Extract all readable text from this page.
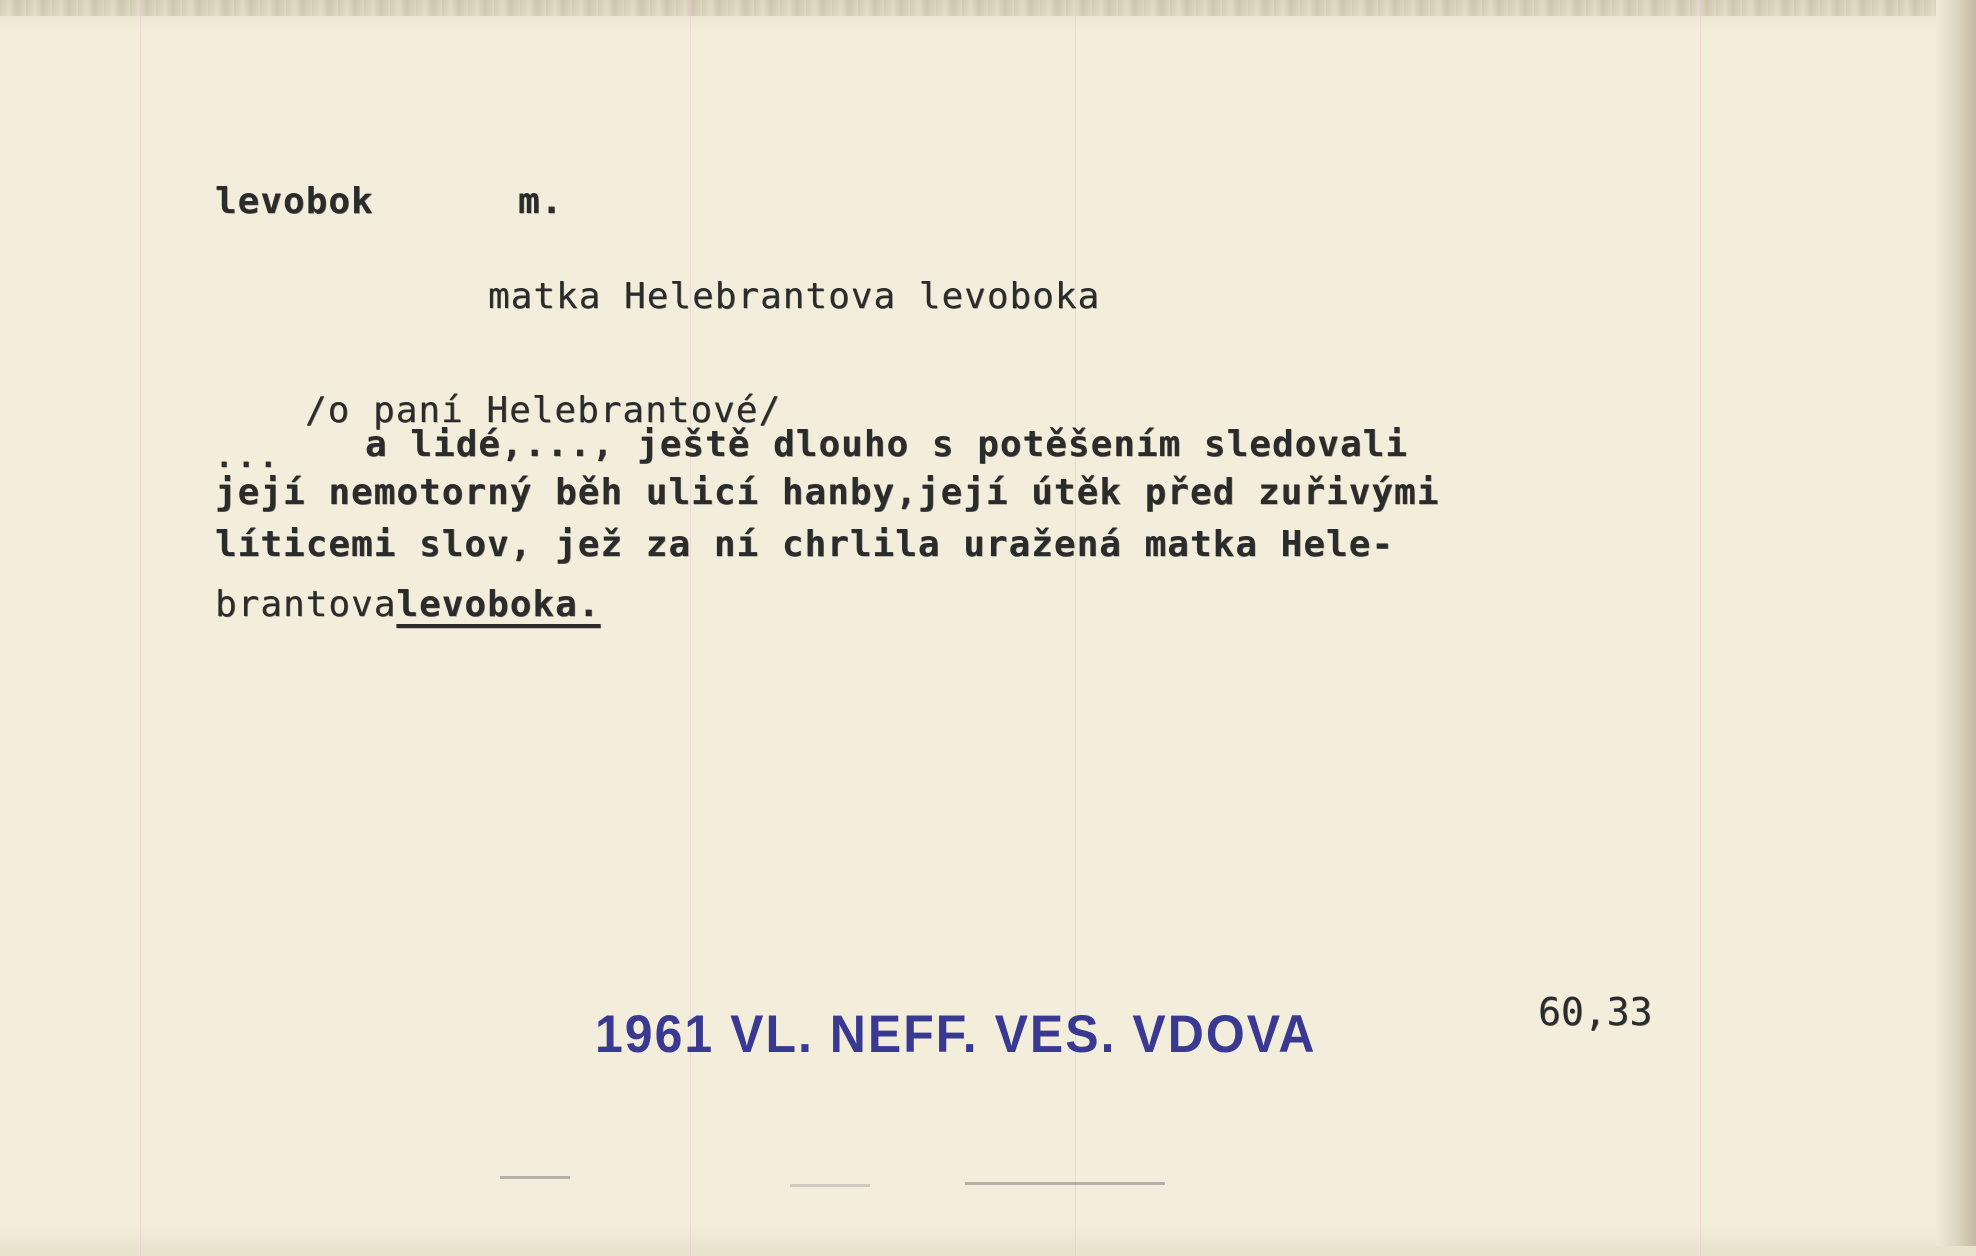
levobok	m.
matka Helebrantova levoboka
/o paní Helebrantové/
... a lidé,..., ještě dlouho s potěšením sledovali
její nemotorný běh ulicí hanby,její útěk před zuřivými
líticemi slov, jež za ní chrlila uražená matka Hele-
brantovalevoboka.
1961 VL. NEFF. VES. VDOVA	60,33
